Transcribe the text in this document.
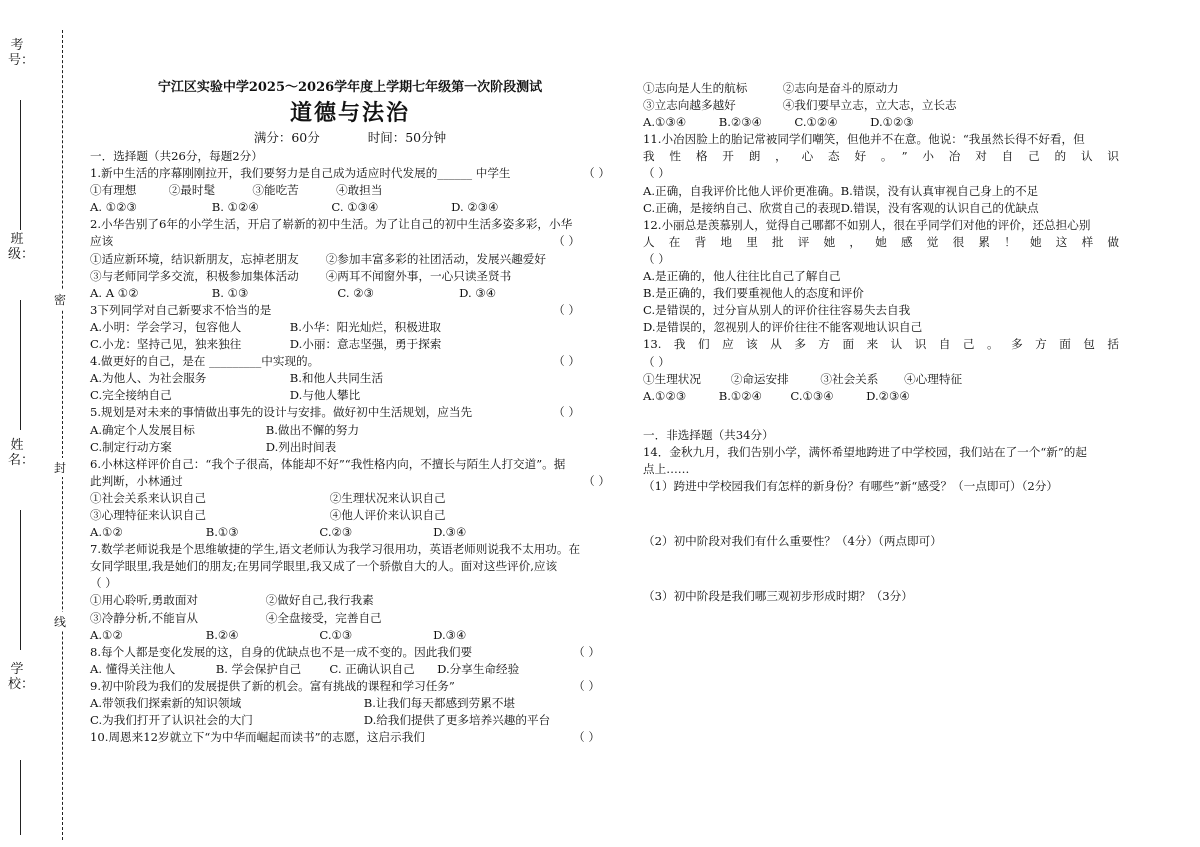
考号：
班级：
姓名：
学校：
密
封
线
宁江区实验中学2025～2026学年度上学期七年级第一次阶段测试
道德与法治
满分：60分	时间：50分钟
一．选择题（共26分，每题2分）
1.新中生活的序幕刚刚拉开，我们要努力是自己成为适应时代发展的______ 中学生	（ ）
①有理想	②最时髦	③能吃苦	④敢担当
A. ①②③	B. ①②④	C. ①③④	D. ②③④
2.小华告别了6年的小学生活，开启了崭新的初中生活。为了让自己的初中生活多姿多彩，小华
应该	（ ）
①适应新环境，结识新朋友，忘掉老朋友 ②参加丰富多彩的社团活动，发展兴趣爱好
③与老师同学多交流，积极参加集体活动 ④两耳不闻窗外事，一心只读圣贤书
A. A ①②	B. ①③	C. ②③	D. ③④
3下列同学对自己新要求不恰当的是	（ ）
A.小明：学会学习，包容他人	B.小华：阳光灿烂，积极进取
C.小龙：坚持己见，独来独往	D.小丽：意志坚强，勇于探索
4.做更好的自己，是在 _________中实现的。	（ ）
A.为他人、为社会服务	B.和他人共同生活
C.完全接纳自己	D.与他人攀比
5.规划是对未来的事情做出事先的设计与安排。做好初中生活规划，应当先	（ ）
A.确定个人发展目标	B.做出不懈的努力
C.制定行动方案	D.列出时间表
6.小林这样评价自己：“我个子很高，体能却不好”“我性格内向，不擅长与陌生人打交道”。据
此判断，小林通过	（ ）
①社会关系来认识自己	②生理状况来认识自己
③心理特征来认识自己	④他人评价来认识自己
A.①②	B.①③	C.②③	D.③④
7.数学老师说我是个思维敏捷的学生,语文老师认为我学习很用功，英语老师则说我不太用功。在
女同学眼里,我是她们的朋友;在男同学眼里,我又成了一个骄傲自大的人。面对这些评价,应该
（ ）
①用心聆听,勇敢面对	②做好自己,我行我素
③冷静分析,不能盲从	④全盘接受，完善自己
A.①②	B.②④	C.①③	D.③④
8.每个人都是变化发展的这，自身的优缺点也不是一成不变的。因此我们要	（ ）
A. 懂得关注他人	B. 学会保护自己 C. 正确认识自己 D.分享生命经验
9.初中阶段为我们的发展提供了新的机会。富有挑战的课程和学习任务”	（ ）
A.带领我们探索新的知识领域	B.让我们每天都感到劳累不堪
C.为我们打开了认识社会的大门	D.给我们提供了更多培养兴趣的平台
10.周恩来12岁就立下“为中华而崛起而读书”的志愿，这启示我们	（ ）
①志向是人生的航标	②志向是奋斗的原动力
③立志向越多越好	④我们要早立志，立大志，立长志
A.①③④	B.②③④	C.①②④	D.①②③
11.小冶因脸上的胎记常被同学们嘲笑，但他并不在意。他说：“我虽然长得不好看，但
我性格开朗，心态好。”小冶对自己的认识
（ ）
A.正确，自我评价比他人评价更准确。B.错误，没有认真审视自己身上的不足
C.正确，是接纳自己、欣赏自己的表现D.错误，没有客观的认识自己的优缺点
12.小丽总是羡慕别人，觉得自己哪都不如别人，很在乎同学们对他的评价，还总担心别
人在背地里批评她，她感觉很累！她这样做
（ ）
A.是正确的，他人往往比自己了解自己
B.是正确的，我们要重视他人的态度和评价
C.是错误的，过分盲从别人的评价往往容易失去自我
D.是错误的，忽视别人的评价往往不能客观地认识自己
13.我们应该从多方面来认识自己。多方面包括
（ ）
①生理状况	②命运安排	③社会关系 ④心理特征
A.①②③	B.①②④ C.①③④	D.②③④
一．非选择题（共34分）
14．金秋九月，我们告别小学，满怀希望地跨进了中学校园，我们站在了一个“新”的起
点上……
（1）跨进中学校园我们有怎样的新身份？有哪些”新“感受？（一点即可）（2分）
（2）初中阶段对我们有什么重要性？（4分）（两点即可）
（3）初中阶段是我们哪三观初步形成时期？（3分）
